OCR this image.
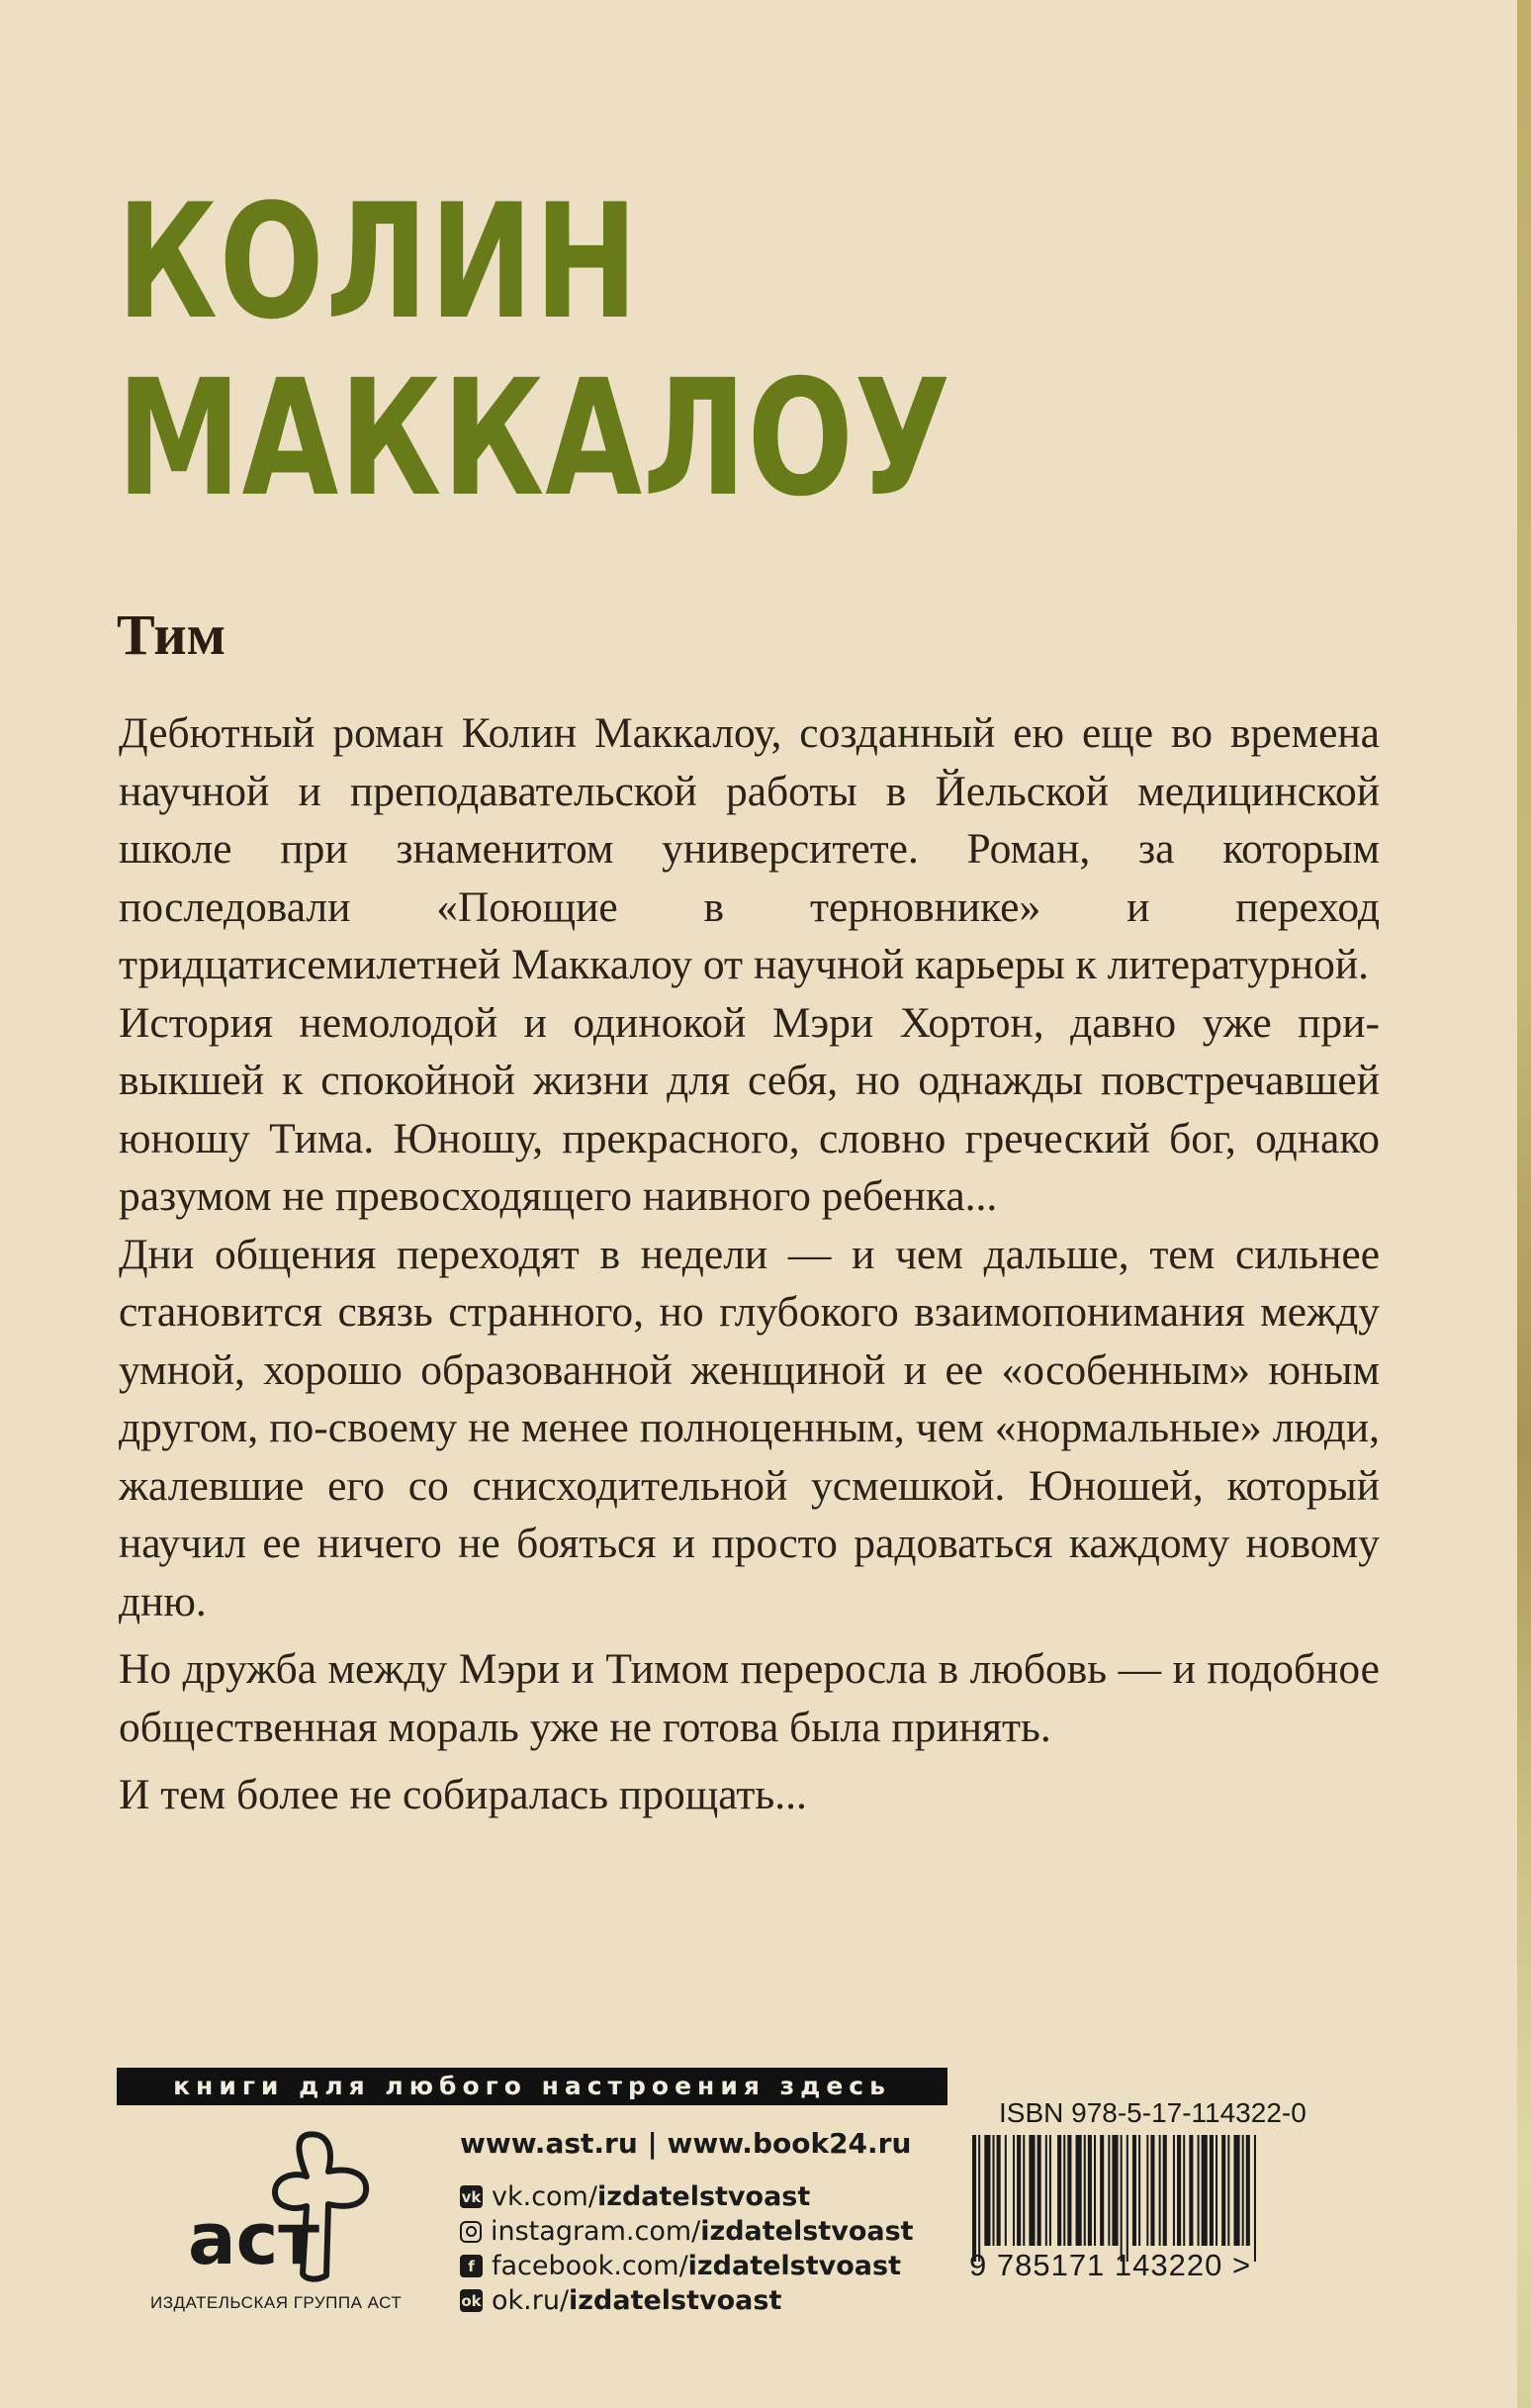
КОЛИН
МАККАЛОУ
Тим

Дебютный роман Колин Маккалоу, созданный ею еще во времена научной и преподавательской работы в Йельской медицинской школе при знаменитом университете. Роман, за которым последовали «Поющие в терновнике» и переход тридцатисемилетней Маккалоу от научной карьеры к литературной.

История немолодой и одинокой Мэри Хортон, давно уже привыкшей к спокойной жизни для себя, но однажды повстречавшей юношу Тима. Юношу, прекрасного, словно греческий бог, однако разумом не превосходящего наивного ребенка...

Дни общения переходят в недели — и чем дальше, тем сильнее становится связь странного, но глубокого взаимопонимания между умной, хорошо образованной женщиной и ее «особенным» юным другом, по-своему не менее полноценным, чем «нормальные» люди, жалевшие его со снисходительной усмешкой. Юношей, который научил ее ничего не бояться и просто радоваться каждому новому дню.

Но дружба между Мэри и Тимом переросла в любовь — и подобное общественная мораль уже не готова была принять.

И тем более не собиралась прощать...

книги для любого настроения здесь
аст
ИЗДАТЕЛЬСКАЯ ГРУППА АСТ
www.ast.ru | www.book24.ru
vk vk.com/ izdatelstvoast
instagram.com/ izdatelstvoast
f facebook.com/ izdatelstvoast
ok ok.ru/ izdatelstvoast
ISBN 978-5-17-114322-0
9 785171 143220 >
